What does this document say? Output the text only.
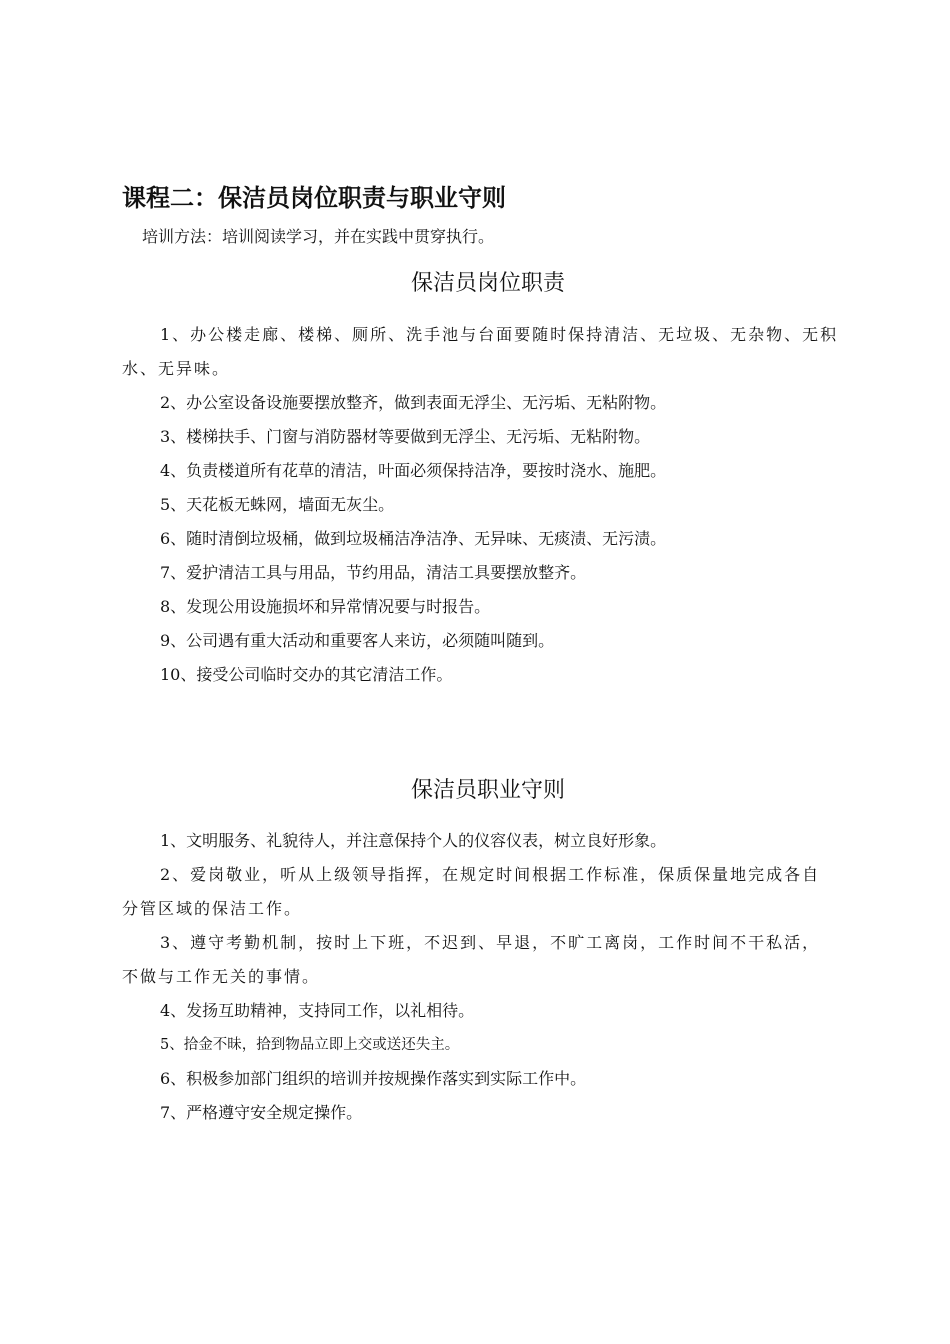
课程二：保洁员岗位职责与职业守则
培训方法：培训阅读学习，并在实践中贯穿执行。
保洁员岗位职责
1、办公楼走廊、楼梯、厕所、洗手池与台面要随时保持清洁、无垃圾、无杂物、无积水、无异味。
2、办公室设备设施要摆放整齐，做到表面无浮尘、无污垢、无粘附物。
3、楼梯扶手、门窗与消防器材等要做到无浮尘、无污垢、无粘附物。
4、负责楼道所有花草的清洁，叶面必须保持洁净，要按时浇水、施肥。
5、天花板无蛛网，墙面无灰尘。
6、随时清倒垃圾桶，做到垃圾桶洁净洁净、无异味、无痰渍、无污渍。
7、爱护清洁工具与用品，节约用品，清洁工具要摆放整齐。
8、发现公用设施损坏和异常情况要与时报告。
9、公司遇有重大活动和重要客人来访，必须随叫随到。
10、接受公司临时交办的其它清洁工作。
保洁员职业守则
1、文明服务、礼貌待人，并注意保持个人的仪容仪表，树立良好形象。
2、爱岗敬业，听从上级领导指挥，在规定时间根据工作标准，保质保量地完成各自分管区域的保洁工作。
3、遵守考勤机制，按时上下班，不迟到、早退，不旷工离岗，工作时间不干私活，不做与工作无关的事情。
4、发扬互助精神，支持同工作，以礼相待。
5、拾金不昧，拾到物品立即上交或送还失主。
6、积极参加部门组织的培训并按规操作落实到实际工作中。
7、严格遵守安全规定操作。
